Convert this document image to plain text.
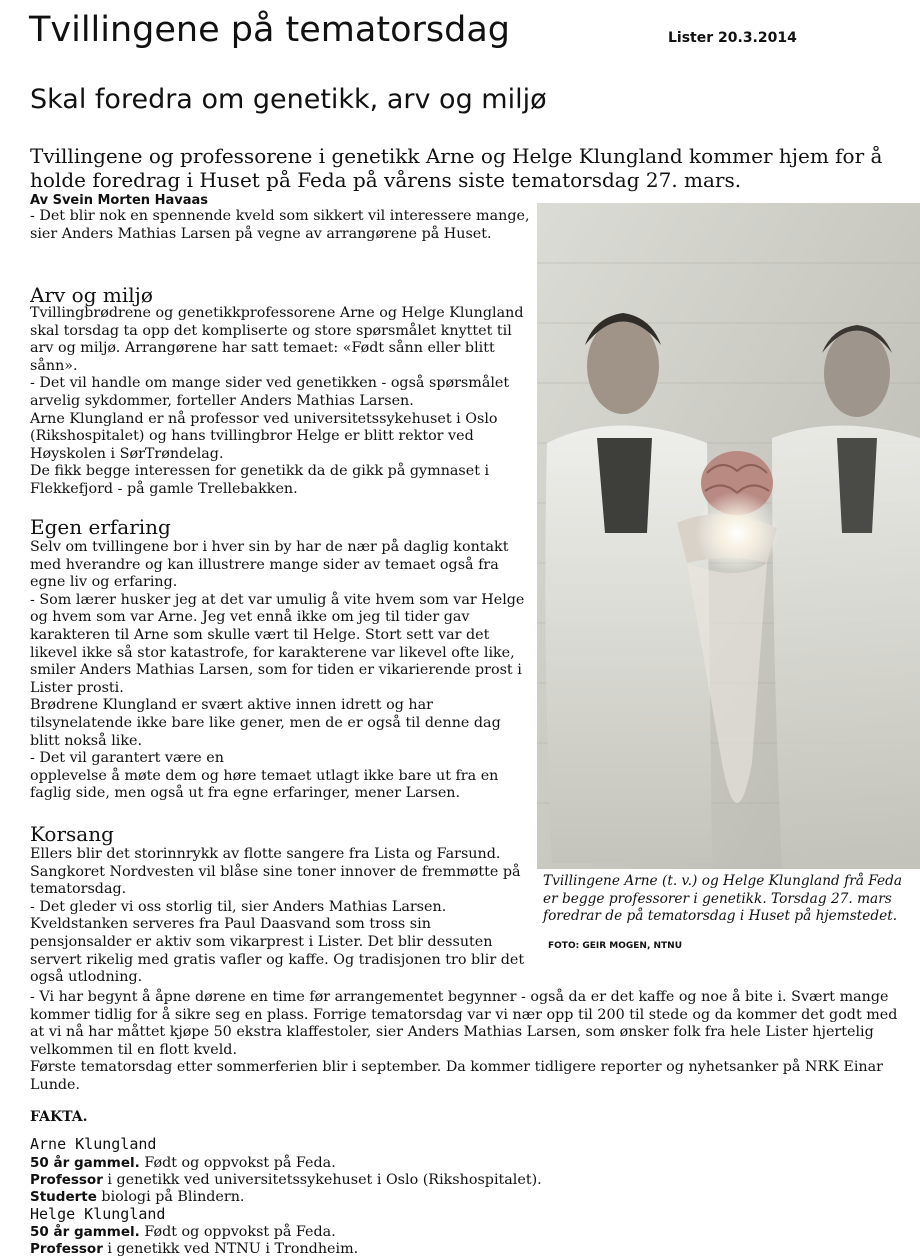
Tvillingene på tematorsdag	Lister 20.3.2014
Skal foredra om genetikk, arv og miljø
Tvillingene og professorene i genetikk Arne og Helge Klungland kommer hjem for å holde foredrag i Huset på Feda på vårens siste tematorsdag 27. mars.
Av Svein Morten Havaas

- Det blir nok en spennende kveld som sikkert vil interessere mange, sier Anders Mathias Larsen på vegne av arrangørene på Huset.

Arv og miljø

Tvillingbrødrene og genetikkprofessorene Arne og Helge Klungland skal torsdag ta opp det kompliserte og store spørsmålet knyttet til arv og miljø. Arrangørene har satt temaet: «Født sånn eller blitt sånn».

- Det vil handle om mange sider ved genetikken - også spørsmålet arvelig sykdommer, forteller Anders Mathias Larsen.

Arne Klungland er nå professor ved universitetssykehuset i Oslo (Rikshospitalet) og hans tvillingbror Helge er blitt rektor ved Høyskolen i SørTrøndelag.

De fikk begge interessen for genetikk da de gikk på gymnaset i Flekkefjord - på gamle Trellebakken.

Egen erfaring

Selv om tvillingene bor i hver sin by har de nær på daglig kontakt med hverandre og kan illustrere mange sider av temaet også fra egne liv og erfaring.

- Som lærer husker jeg at det var umulig å vite hvem som var Helge og hvem som var Arne. Jeg vet ennå ikke om jeg til tider gav karakteren til Arne som skulle vært til Helge. Stort sett var det likevel ikke så stor katastrofe, for karakterene var likevel ofte like, smiler Anders Mathias Larsen, som for tiden er vikarierende prost i Lister prosti.

Brødrene Klungland er svært aktive innen idrett og har tilsynelatende ikke bare like gener, men de er også til denne dag blitt nokså like.

- Det vil garantert være en

opplevelse å møte dem og høre temaet utlagt ikke bare ut fra en faglig side, men også ut fra egne erfaringer, mener Larsen.

Korsang

Ellers blir det storinnrykk av flotte sangere fra Lista og Farsund. Sangkoret Nordvesten vil blåse sine toner innover de fremmøtte på tematorsdag.

- Det gleder vi oss storlig til, sier Anders Mathias Larsen.

Kveldstanken serveres fra Paul Daasvand som tross sin pensjonsalder er aktiv som vikarprest i Lister. Det blir dessuten servert rikelig med gratis vafler og kaffe. Og tradisjonen tro blir det også utlodning.

Tvillingene Arne (t. v.) og Helge Klungland frå Feda er begge professorer i genetikk. Torsdag 27. mars foredrar de på tematorsdag i Huset på hjemstedet.
FOTO: GEIR MOGEN, NTNU

- Vi har begynt å åpne dørene en time før arrangementet begynner - også da er det kaffe og noe å bite i. Svært mange kommer tidlig for å sikre seg en plass. Forrige tematorsdag var vi nær opp til 200 til stede og da kommer det godt med at vi nå har måttet kjøpe 50 ekstra klaffestoler, sier Anders Mathias Larsen, som ønsker folk fra hele Lister hjertelig velkommen til en flott kveld.

Første tematorsdag etter sommerferien blir i september. Da kommer tidligere reporter og nyhetsanker på NRK Einar Lunde.

FAKTA.
Arne Klungland
50 år gammel. Født og oppvokst på Feda.
Professor i genetikk ved universitetssykehuset i Oslo (Rikshospitalet).
Studerte biologi på Blindern.
Helge Klungland
50 år gammel. Født og oppvokst på Feda.
Professor i genetikk ved NTNU i Trondheim.
